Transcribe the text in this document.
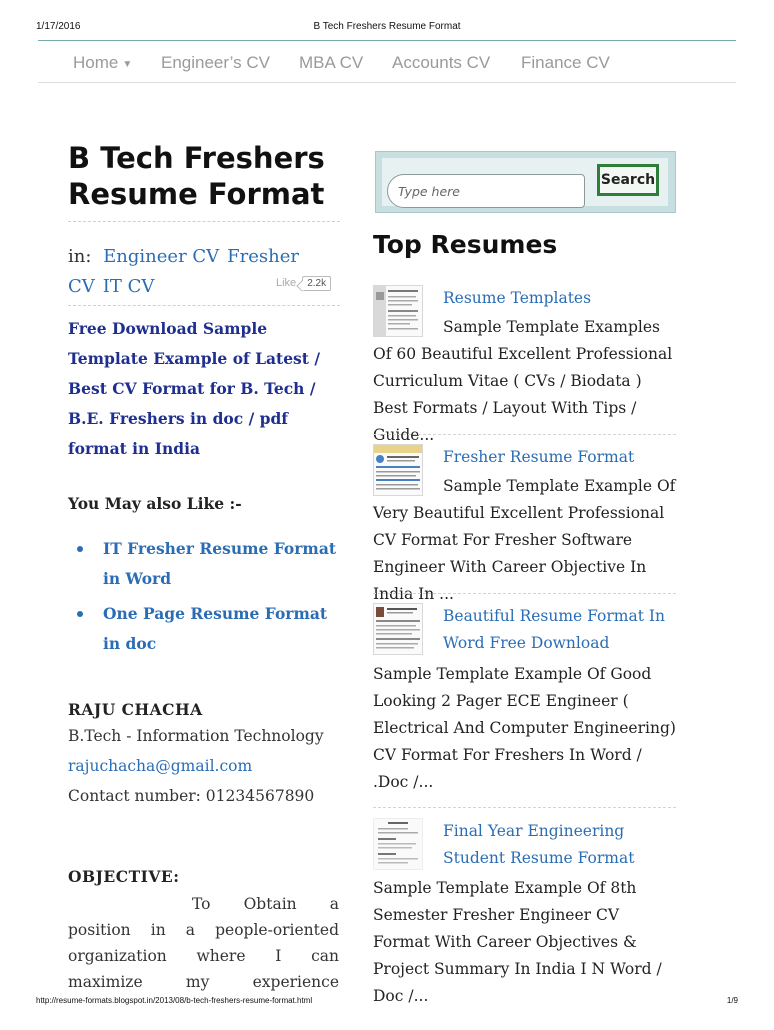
1/17/2016	B Tech Freshers Resume Format
Home ▼ Engineer’s CV MBA CV Accounts CV Finance CV
B Tech Freshers Resume Format
in: Engineer CV Fresher CV IT CV	Like 2.2k
Free Download Sample Template Example of Latest / Best CV Format for B. Tech / B.E. Freshers in doc / pdf format in India
You May also Like :-
IT Fresher Resume Format in Word
One Page Resume Format in doc
RAJU CHACHA
B.Tech - Information Technology
rajuchacha@gmail.com
Contact number: 01234567890
OBJECTIVE:
To Obtain a position in a people-oriented organization where I can maximize my experience
Type here
Search
Top Resumes
Resume Templates
Sample Template Examples Of 60 Beautiful Excellent Professional Curriculum Vitae ( CVs / Biodata ) Best Formats / Layout With Tips / Guide...
Fresher Resume Format
Sample Template Example Of Very Beautiful Excellent Professional CV Format For Fresher Software Engineer With Career Objective In India In ...
Beautiful Resume Format In Word Free Download
Sample Template Example Of Good Looking 2 Pager ECE Engineer ( Electrical And Computer Engineering) CV Format For Freshers In Word / .Doc /...
Final Year Engineering Student Resume Format
Sample Template Example Of 8th Semester Fresher Engineer CV Format With Career Objectives & Project Summary In India I N Word / Doc /...
http://resume-formats.blogspot.in/2013/08/b-tech-freshers-resume-format.html	1/9
